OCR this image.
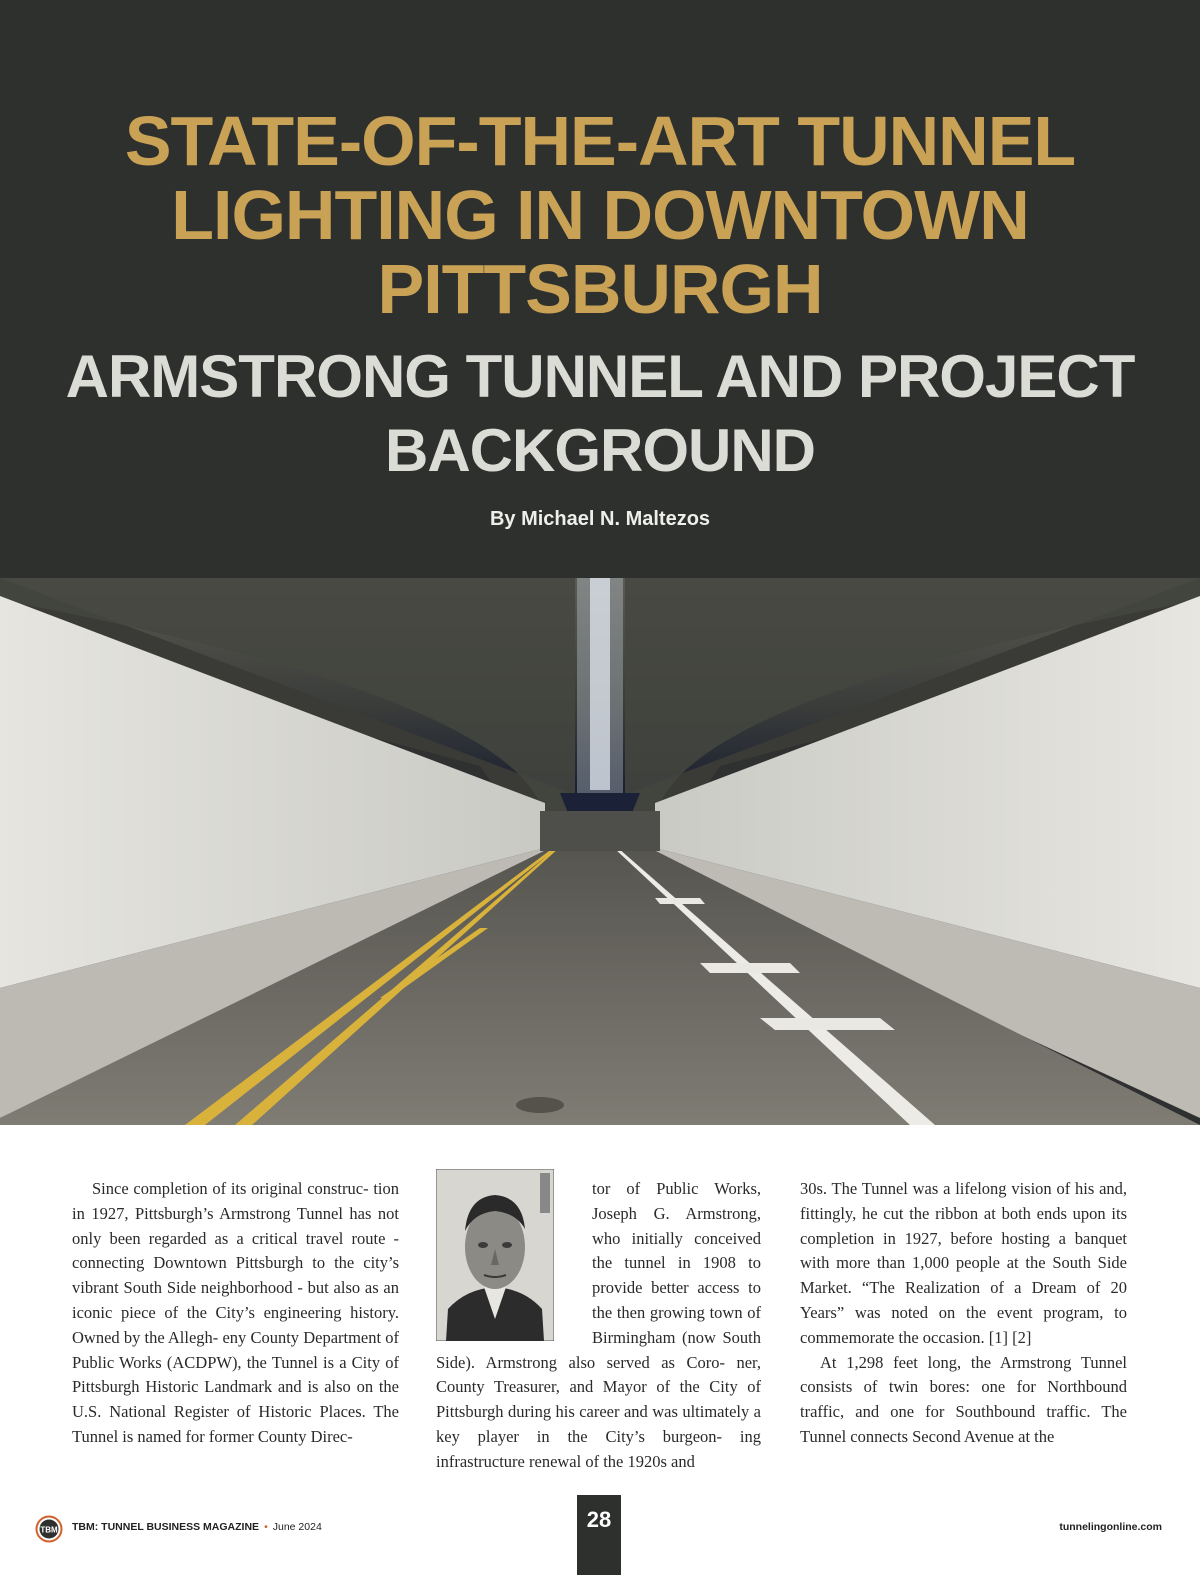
STATE-OF-THE-ART TUNNEL
LIGHTING IN DOWNTOWN
PITTSBURGH
ARMSTRONG TUNNEL AND PROJECT
BACKGROUND
By Michael N. Maltezos

Since completion of its original construc- tion in 1927, Pittsburgh’s Armstrong Tunnel has not only been regarded as a critical travel route - connecting Downtown Pittsburgh to the city’s vibrant South Side neighborhood - but also as an iconic piece of the City’s engineering history. Owned by the Allegh- eny County Department of Public Works (ACDPW), the Tunnel is a City of Pittsburgh Historic Landmark and is also on the U.S. National Register of Historic Places. The Tunnel is named for former County Direc-

tor of Public Works, Joseph G. Armstrong, who initially conceived the tunnel in 1908 to provide better access to the then growing town of Birmingham (now South Side). Armstrong also served as Coro- ner, County Treasurer, and Mayor of the City of Pittsburgh during his career and was ultimately a key player in the City’s burgeon- ing infrastructure renewal of the 1920s and

30s. The Tunnel was a lifelong vision of his and, fittingly, he cut the ribbon at both ends upon its completion in 1927, before hosting a banquet with more than 1,000 people at the South Side Market. “The Realization of a Dream of 20 Years” was noted on the event program, to commemorate the occasion. [1] [2]

At 1,298 feet long, the Armstrong Tunnel consists of twin bores: one for Northbound traffic, and one for Southbound traffic. The Tunnel connects Second Avenue at the

TBM TBM: TUNNEL BUSINESS MAGAZINE • June 2024	28	tunnelingonline.com
